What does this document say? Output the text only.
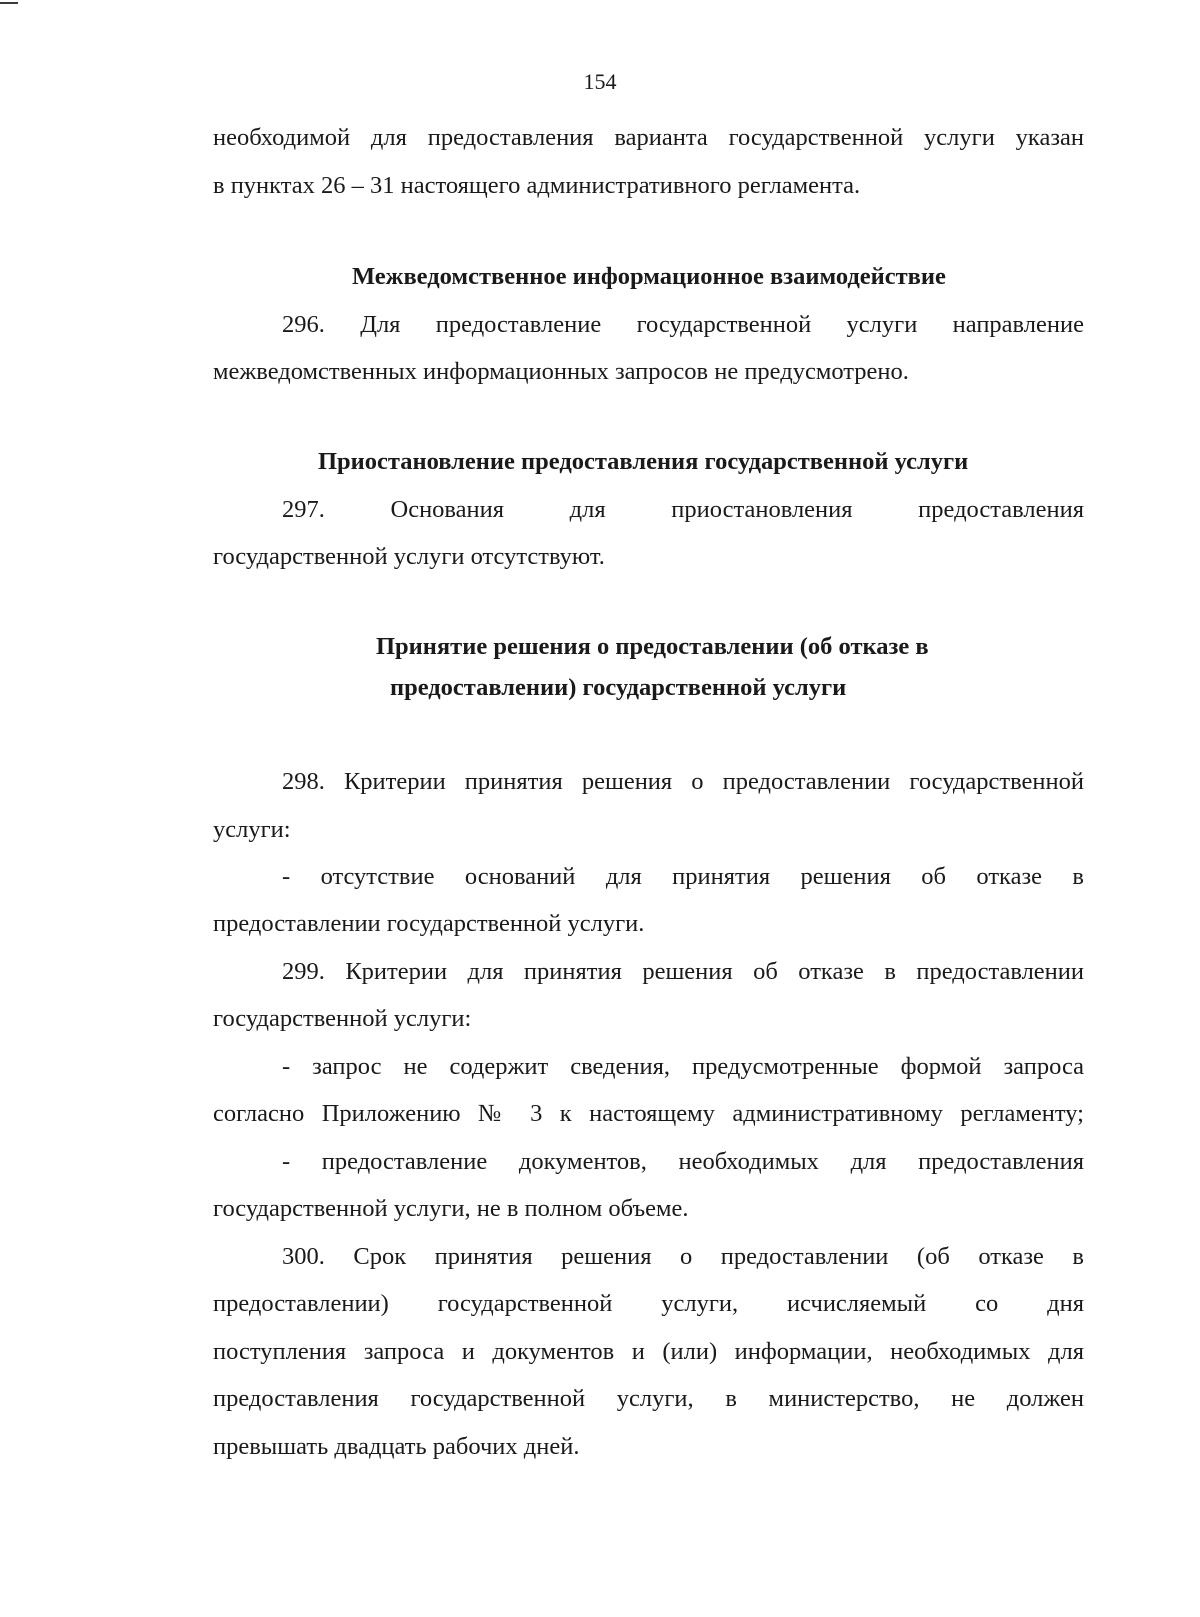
154
необходимой для предоставления варианта государственной услуги указан
в пунктах 26 – 31 настоящего административного регламента.
Межведомственное информационное взаимодействие
296. Для предоставление государственной услуги направление
межведомственных информационных запросов не предусмотрено.
Приостановление предоставления государственной услуги
297. Основания для приостановления предоставления
государственной услуги отсутствуют.
Принятие решения о предоставлении (об отказе в
предоставлении) государственной услуги
298. Критерии принятия решения о предоставлении государственной
услуги:
- отсутствие оснований для принятия решения об отказе в
предоставлении государственной услуги.
299. Критерии для принятия решения об отказе в предоставлении
государственной услуги:
- запрос не содержит сведения, предусмотренные формой запроса
согласно Приложению № 3 к настоящему административному регламенту;
- предоставление документов, необходимых для предоставления
государственной услуги, не в полном объеме.
300. Срок принятия решения о предоставлении (об отказе в
предоставлении) государственной услуги, исчисляемый со дня
поступления запроса и документов и (или) информации, необходимых для
предоставления государственной услуги, в министерство, не должен
превышать двадцать рабочих дней.
